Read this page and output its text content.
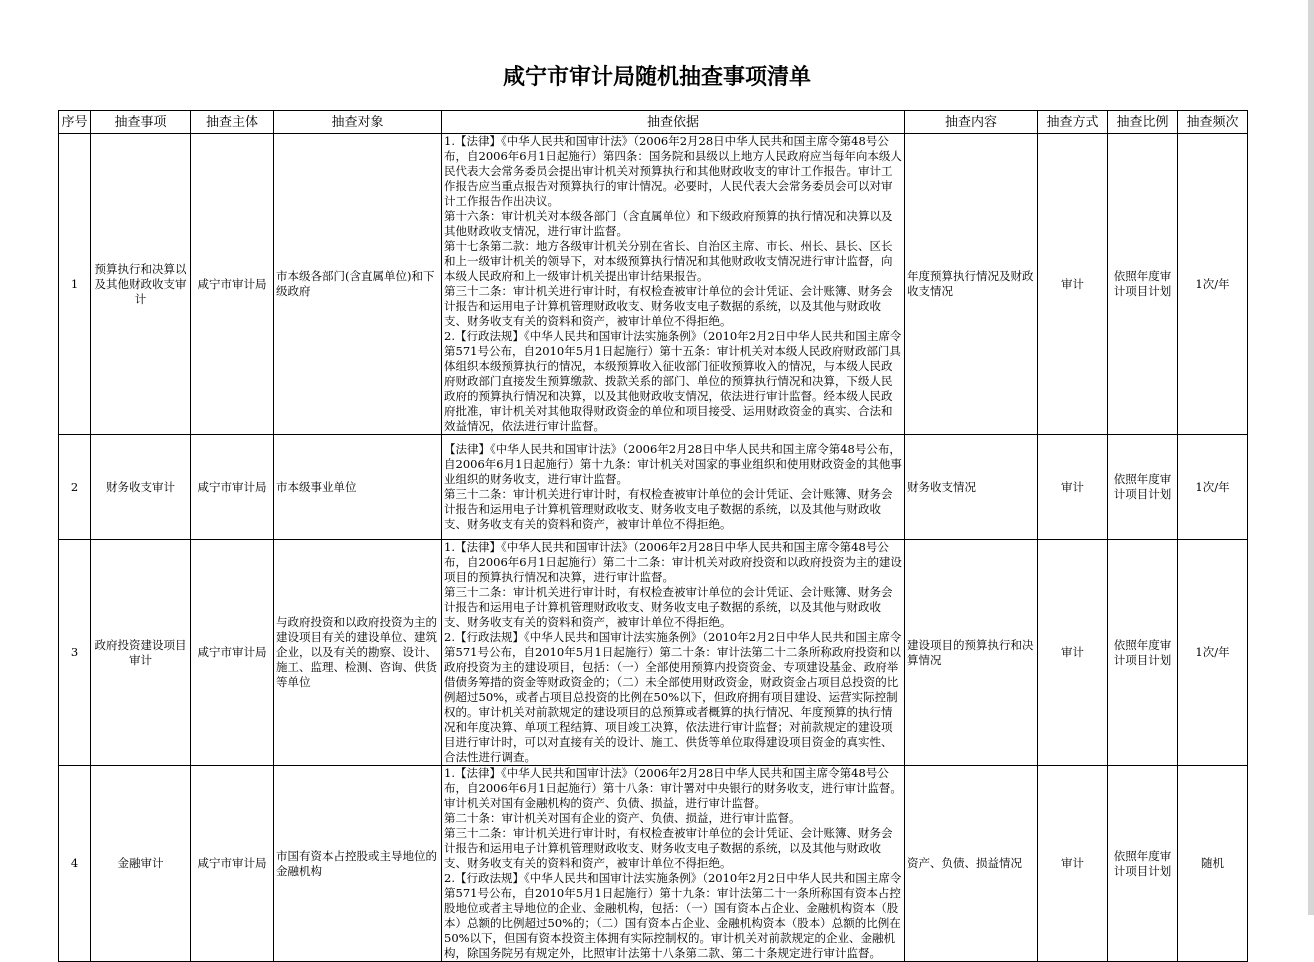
咸宁市审计局随机抽查事项清单
序号	抽查事项	抽查主体	抽查对象	抽查依据	抽查内容	抽查方式	抽查比例	抽查频次
1	预算执行和决算以及其他财政收支审计	咸宁市审计局	市本级各部门(含直属单位)和下级政府	1.【法律】《中华人民共和国审计法》（2006年2月28日中华人民共和国主席令第48号公布，自2006年6月1日起施行）第四条：国务院和县级以上地方人民政府应当每年向本级人民代表大会常务委员会提出审计机关对预算执行和其他财政收支的审计工作报告。审计工作报告应当重点报告对预算执行的审计情况。必要时，人民代表大会常务委员会可以对审计工作报告作出决议。
第十六条：审计机关对本级各部门（含直属单位）和下级政府预算的执行情况和决算以及其他财政收支情况，进行审计监督。
第十七条第二款：地方各级审计机关分别在省长、自治区主席、市长、州长、县长、区长和上一级审计机关的领导下，对本级预算执行情况和其他财政收支情况进行审计监督，向本级人民政府和上一级审计机关提出审计结果报告。
第三十二条：审计机关进行审计时，有权检查被审计单位的会计凭证、会计账簿、财务会计报告和运用电子计算机管理财政收支、财务收支电子数据的系统，以及其他与财政收支、财务收支有关的资料和资产，被审计单位不得拒绝。
2.【行政法规】《中华人民共和国审计法实施条例》（2010年2月2日中华人民共和国主席令第571号公布，自2010年5月1日起施行）第十五条：审计机关对本级人民政府财政部门具体组织本级预算执行的情况，本级预算收入征收部门征收预算收入的情况，与本级人民政府财政部门直接发生预算缴款、拨款关系的部门、单位的预算执行情况和决算，下级人民政府的预算执行情况和决算，以及其他财政收支情况，依法进行审计监督。经本级人民政府批准，审计机关对其他取得财政资金的单位和项目接受、运用财政资金的真实、合法和效益情况，依法进行审计监督。	年度预算执行情况及财政收支情况	审计	依照年度审计项目计划	1次/年
2	财务收支审计	咸宁市审计局	市本级事业单位	【法律】《中华人民共和国审计法》（2006年2月28日中华人民共和国主席令第48号公布，自2006年6月1日起施行）第十九条：审计机关对国家的事业组织和使用财政资金的其他事业组织的财务收支，进行审计监督。
第三十二条：审计机关进行审计时，有权检查被审计单位的会计凭证、会计账簿、财务会计报告和运用电子计算机管理财政收支、财务收支电子数据的系统，以及其他与财政收支、财务收支有关的资料和资产，被审计单位不得拒绝。	财务收支情况	审计	依照年度审计项目计划	1次/年
3	政府投资建设项目审计	咸宁市审计局	与政府投资和以政府投资为主的建设项目有关的建设单位、建筑企业，以及有关的勘察、设计、施工、监理、检测、咨询、供货等单位	1.【法律】《中华人民共和国审计法》（2006年2月28日中华人民共和国主席令第48号公布，自2006年6月1日起施行）第二十二条：审计机关对政府投资和以政府投资为主的建设项目的预算执行情况和决算，进行审计监督。
第三十二条：审计机关进行审计时，有权检查被审计单位的会计凭证、会计账簿、财务会计报告和运用电子计算机管理财政收支、财务收支电子数据的系统，以及其他与财政收支、财务收支有关的资料和资产，被审计单位不得拒绝。
2.【行政法规】《中华人民共和国审计法实施条例》（2010年2月2日中华人民共和国主席令第571号公布，自2010年5月1日起施行）第二十条：审计法第二十二条所称政府投资和以政府投资为主的建设项目，包括：（一）全部使用预算内投资资金、专项建设基金、政府举借债务筹措的资金等财政资金的；（二）未全部使用财政资金，财政资金占项目总投资的比例超过50%，或者占项目总投资的比例在50%以下，但政府拥有项目建设、运营实际控制权的。审计机关对前款规定的建设项目的总预算或者概算的执行情况、年度预算的执行情况和年度决算、单项工程结算、项目竣工决算，依法进行审计监督；对前款规定的建设项目进行审计时，可以对直接有关的设计、施工、供货等单位取得建设项目资金的真实性、合法性进行调查。	建设项目的预算执行和决算情况	审计	依照年度审计项目计划	1次/年
4	金融审计	咸宁市审计局	市国有资本占控股或主导地位的金融机构	1.【法律】《中华人民共和国审计法》（2006年2月28日中华人民共和国主席令第48号公布，自2006年6月1日起施行）第十八条：审计署对中央银行的财务收支，进行审计监督。审计机关对国有金融机构的资产、负债、损益，进行审计监督。
第二十条：审计机关对国有企业的资产、负债、损益，进行审计监督。
第三十二条：审计机关进行审计时，有权检查被审计单位的会计凭证、会计账簿、财务会计报告和运用电子计算机管理财政收支、财务收支电子数据的系统，以及其他与财政收支、财务收支有关的资料和资产，被审计单位不得拒绝。
2.【行政法规】《中华人民共和国审计法实施条例》（2010年2月2日中华人民共和国主席令第571号公布，自2010年5月1日起施行）第十九条：审计法第二十一条所称国有资本占控股地位或者主导地位的企业、金融机构，包括：（一）国有资本占企业、金融机构资本（股本）总额的比例超过50%的；（二）国有资本占企业、金融机构资本（股本）总额的比例在50%以下，但国有资本投资主体拥有实际控制权的。审计机关对前款规定的企业、金融机构，除国务院另有规定外，比照审计法第十八条第二款、第二十条规定进行审计监督。	资产、负债、损益情况	审计	依照年度审计项目计划	随机
